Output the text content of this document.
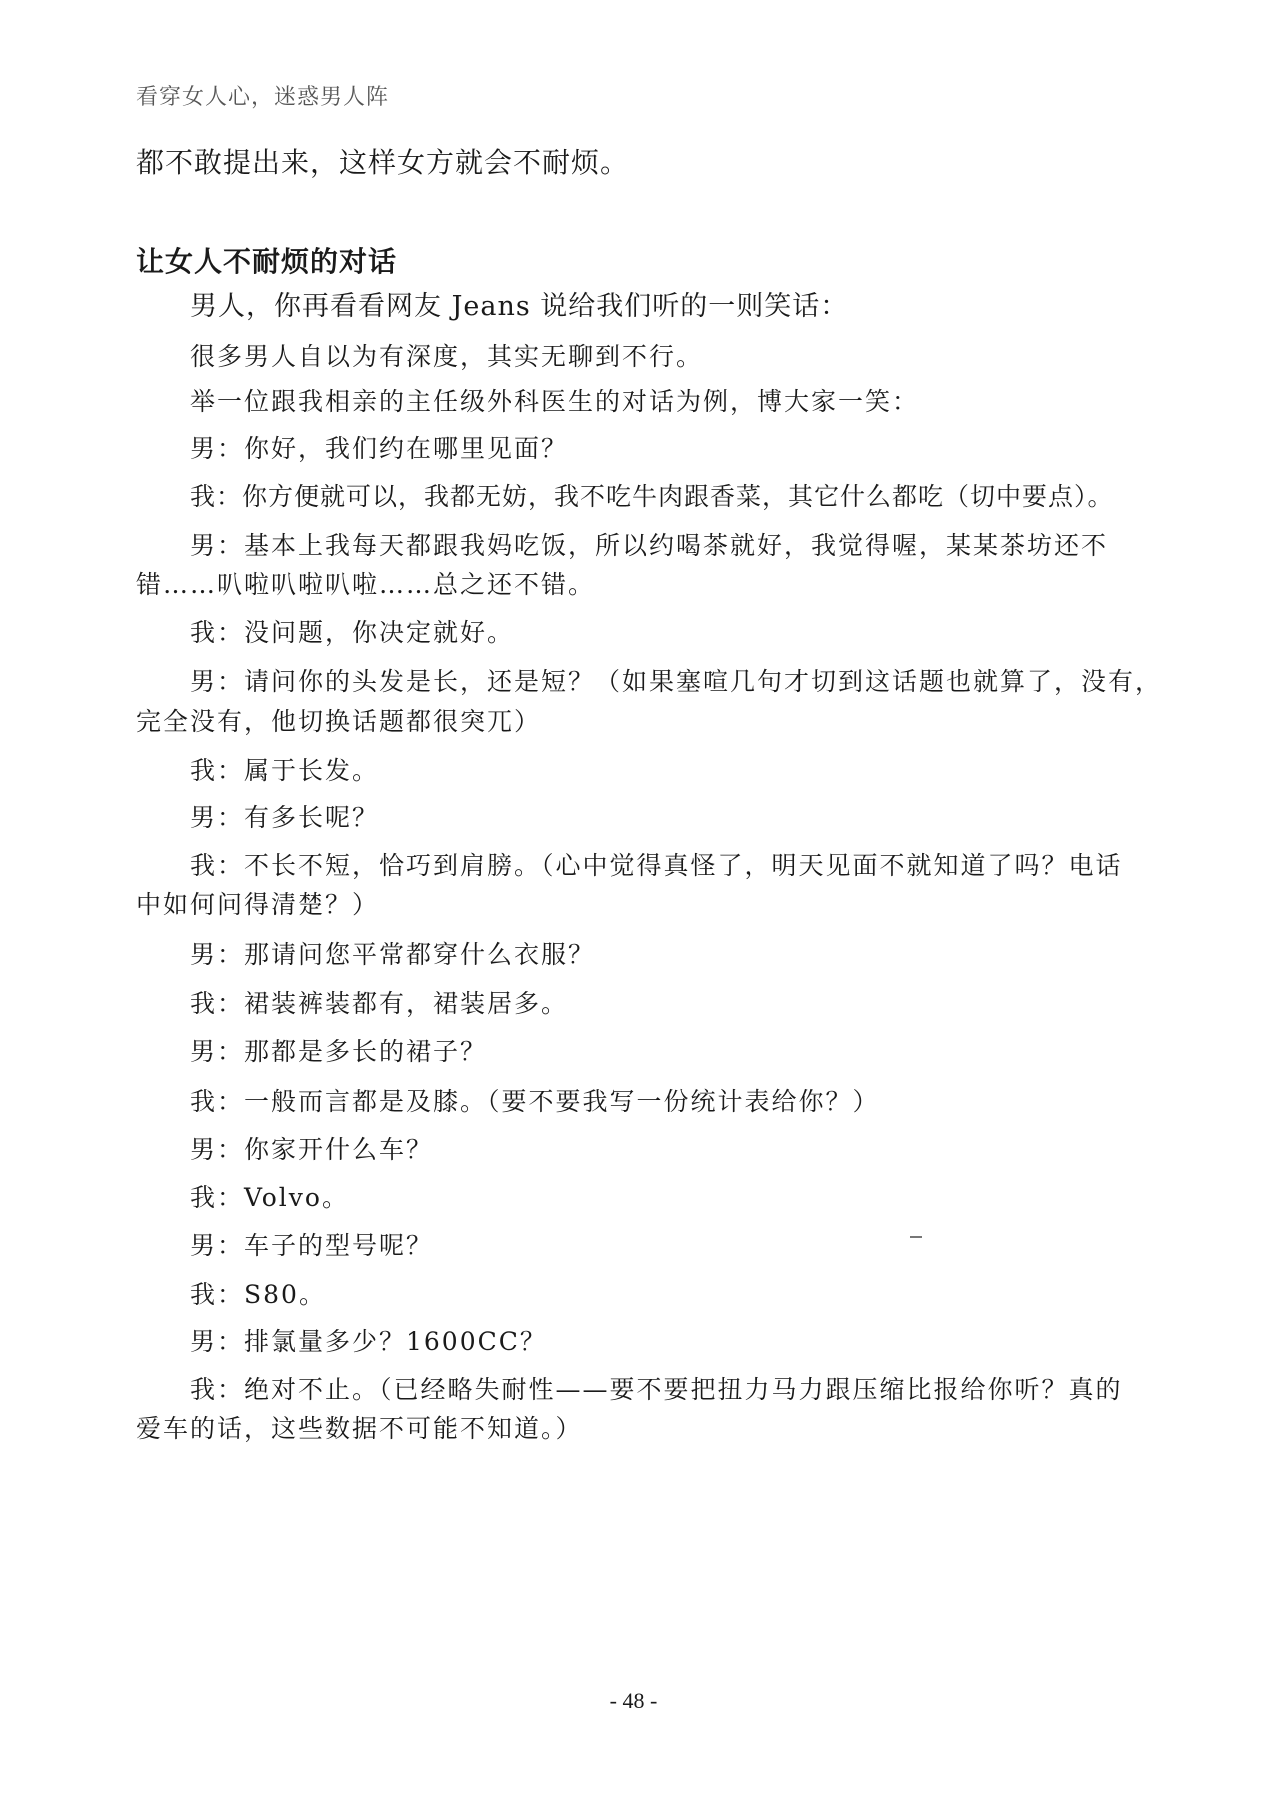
看穿女人心，迷惑男人阵
都不敢提出来，这样女方就会不耐烦。
让女人不耐烦的对话
男人，你再看看网友 Jeans 说给我们听的一则笑话：
很多男人自以为有深度，其实无聊到不行。
举一位跟我相亲的主任级外科医生的对话为例，博大家一笑：
男：你好，我们约在哪里见面？
我：你方便就可以，我都无妨，我不吃牛肉跟香菜，其它什么都吃（切中要点）。
男：基本上我每天都跟我妈吃饭，所以约喝茶就好，我觉得喔，某某茶坊还不
错……叭啦叭啦叭啦……总之还不错。
我：没问题，你决定就好。
男：请问你的头发是长，还是短？（如果塞喧几句才切到这话题也就算了，没有，
完全没有，他切换话题都很突兀）
我：属于长发。
男：有多长呢？
我：不长不短，恰巧到肩膀。（心中觉得真怪了，明天见面不就知道了吗？电话
中如何问得清楚？）
男：那请问您平常都穿什么衣服？
我：裙装裤装都有，裙装居多。
男：那都是多长的裙子？
我：一般而言都是及膝。（要不要我写一份统计表给你？）
男：你家开什么车？
我：Volvo。
男：车子的型号呢？
我：S80。
男：排氯量多少？1600CC？
我：绝对不止。（已经略失耐性——要不要把扭力马力跟压缩比报给你听？真的
爱车的话，这些数据不可能不知道。）
- 48 -
